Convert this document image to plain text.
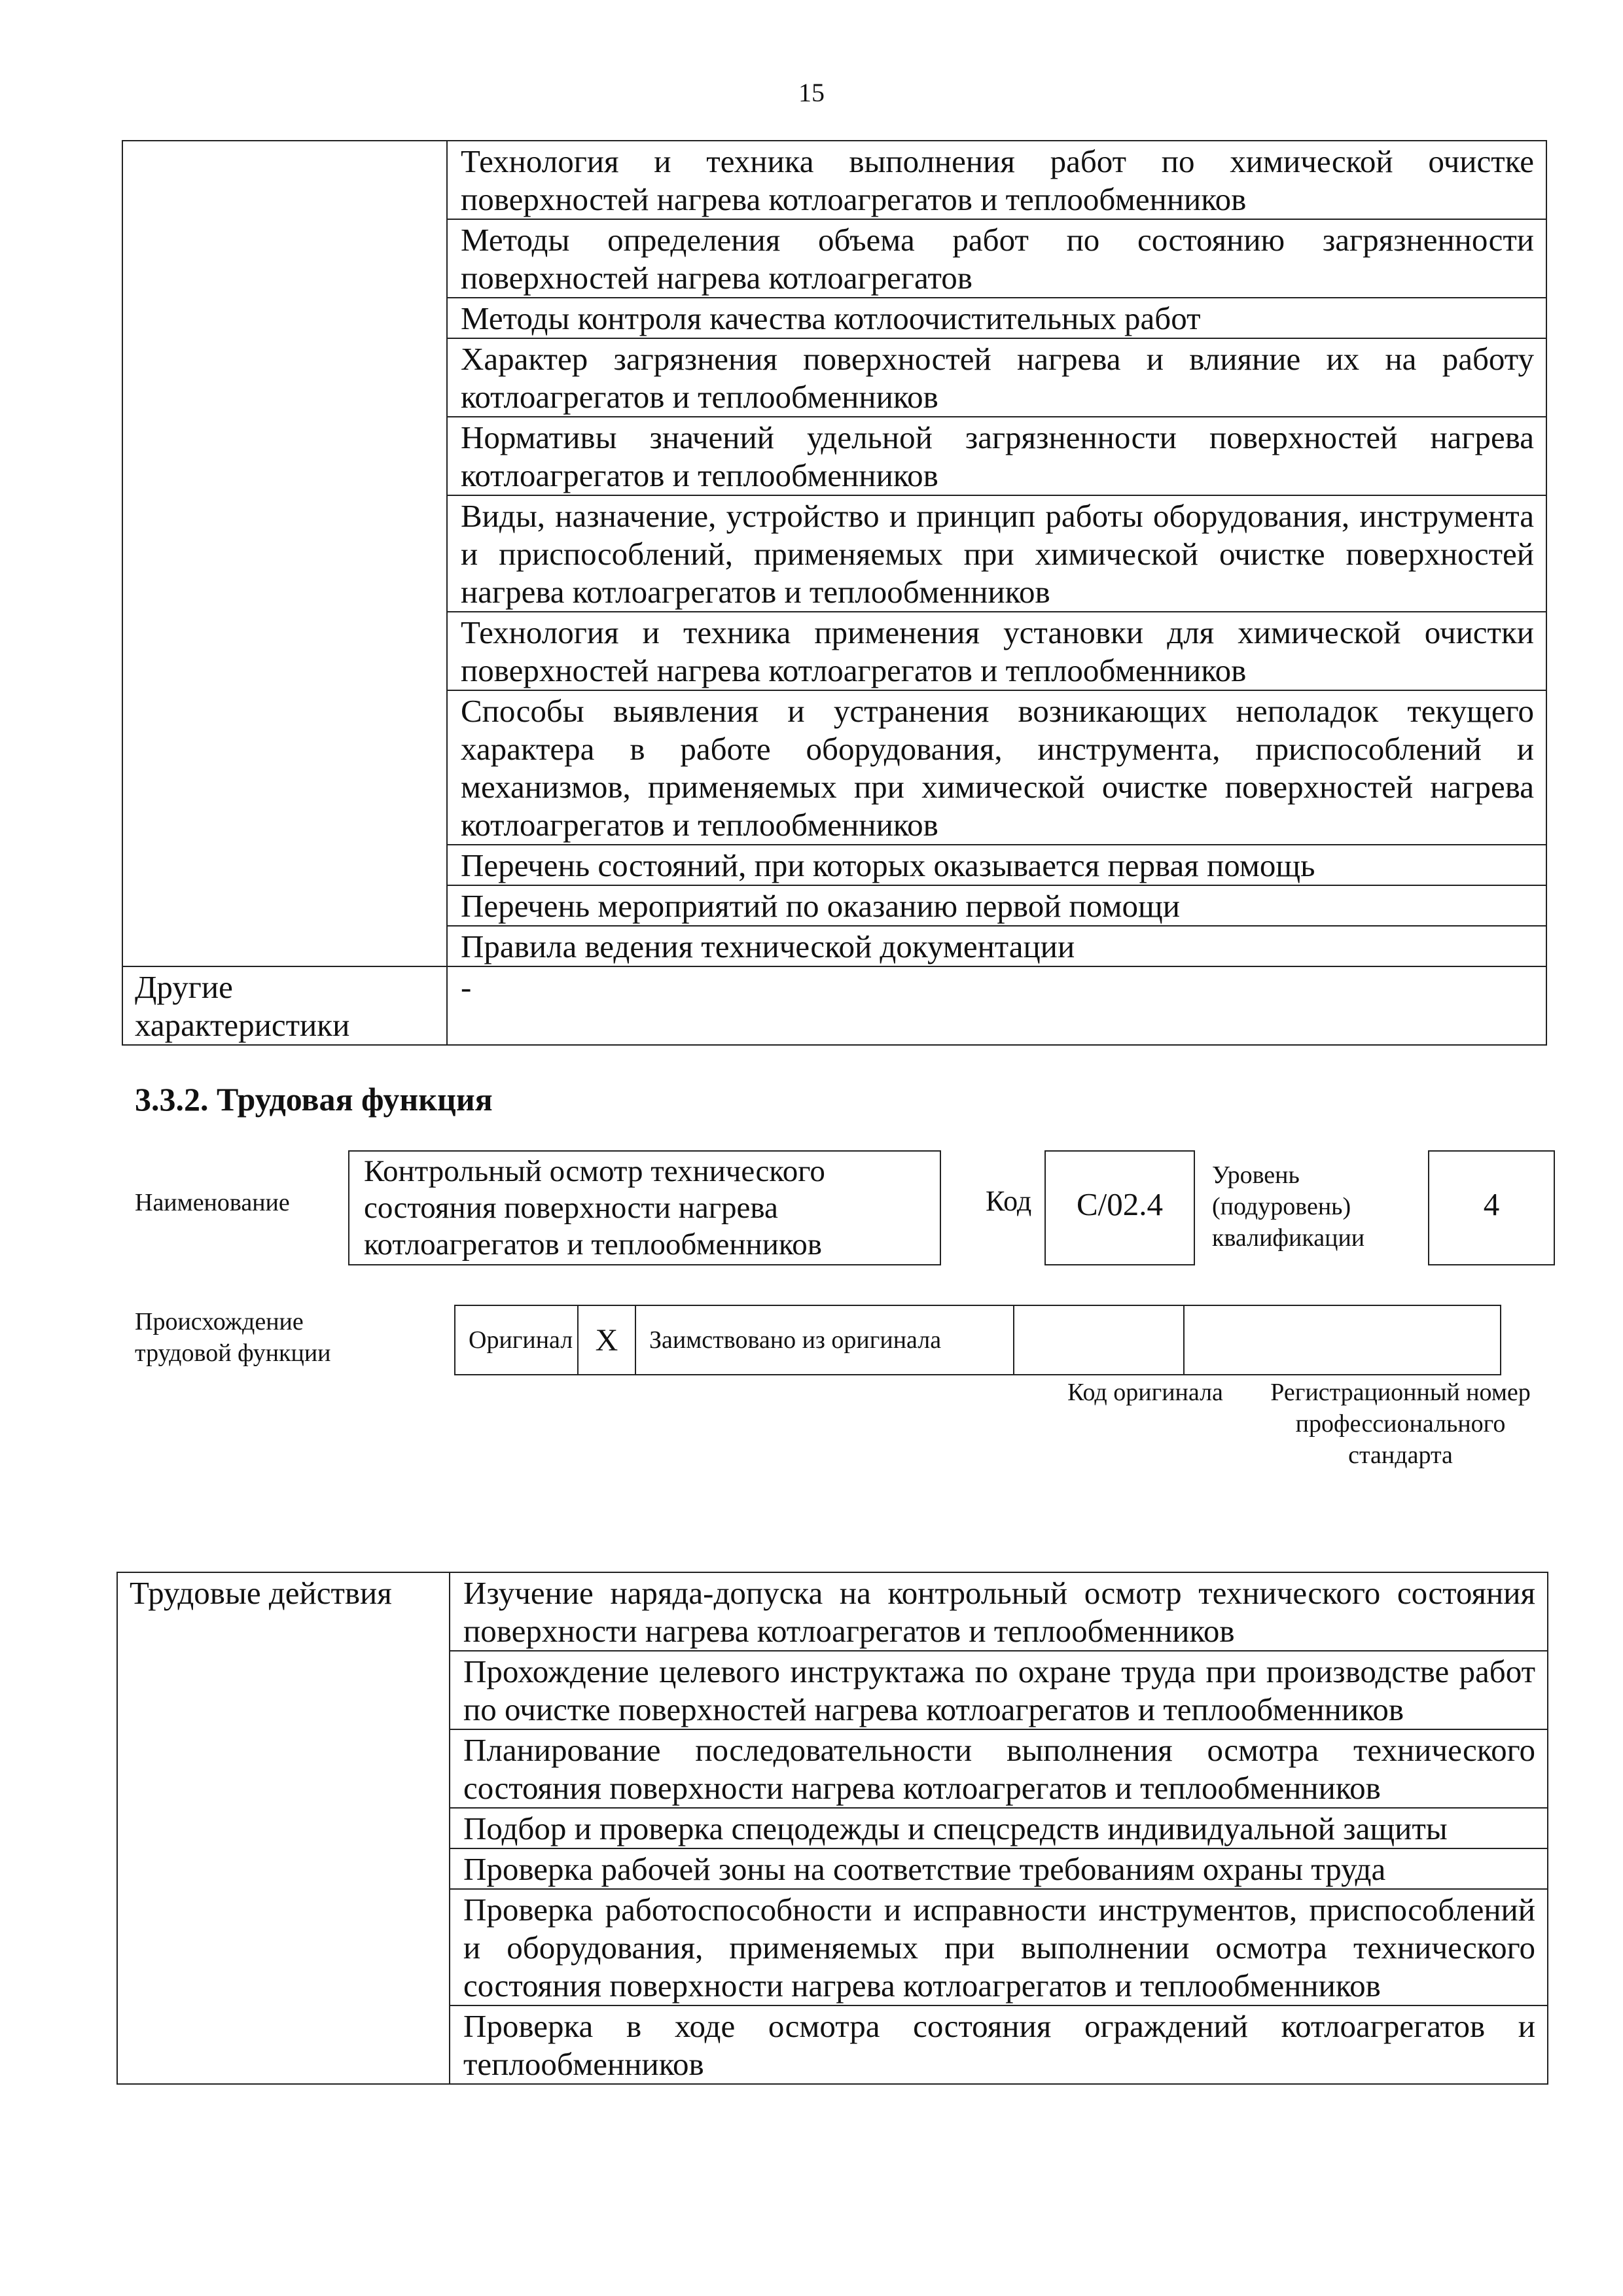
15

	Технология и техника выполнения работ по химической очистке поверхностей нагрева котлоагрегатов и теплообменников

	Методы определения объема работ по состоянию загрязненности поверхностей нагрева котлоагрегатов

	Методы контроля качества котлоочистительных работ

	Характер загрязнения поверхностей нагрева и влияние их на работу котлоагрегатов и теплообменников

	Нормативы значений удельной загрязненности поверхностей нагрева котлоагрегатов и теплообменников

	Виды, назначение, устройство и принцип работы оборудования, инструмента и приспособлений, применяемых при химической очистке поверхностей нагрева котлоагрегатов и теплообменников

	Технология и техника применения установки для химической очистки поверхностей нагрева котлоагрегатов и теплообменников

	Способы выявления и устранения возникающих неполадок текущего характера в работе оборудования, инструмента, приспособлений и механизмов, применяемых при химической очистке поверхностей нагрева котлоагрегатов и теплообменников

	Перечень состояний, при которых оказывается первая помощь

	Перечень мероприятий по оказанию первой помощи

	Правила ведения технической документации

Другие характеристики	-
3.3.2. Трудовая функция
Наименование
Контрольный осмотр технического состояния поверхности нагрева котлоагрегатов и теплообменников
Код	C/02.4
Уровень (подуровень) квалификации
4
Происхождение трудовой функции	Оригинал	X	Заимствовано из оригинала

Код оригинала	Регистрационный номер профессионального стандарта
Трудовые действия	Изучение наряда-допуска на контрольный осмотр технического состояния поверхности нагрева котлоагрегатов и теплообменников

Прохождение целевого инструктажа по охране труда при производстве работ по очистке поверхностей нагрева котлоагрегатов и теплообменников

Планирование последовательности выполнения осмотра технического состояния поверхности нагрева котлоагрегатов и теплообменников

Подбор и проверка спецодежды и спецсредств индивидуальной защиты

Проверка рабочей зоны на соответствие требованиям охраны труда

Проверка работоспособности и исправности инструментов, приспособлений и оборудования, применяемых при выполнении осмотра технического состояния поверхности нагрева котлоагрегатов и теплообменников

Проверка в ходе осмотра состояния ограждений котлоагрегатов и теплообменников
